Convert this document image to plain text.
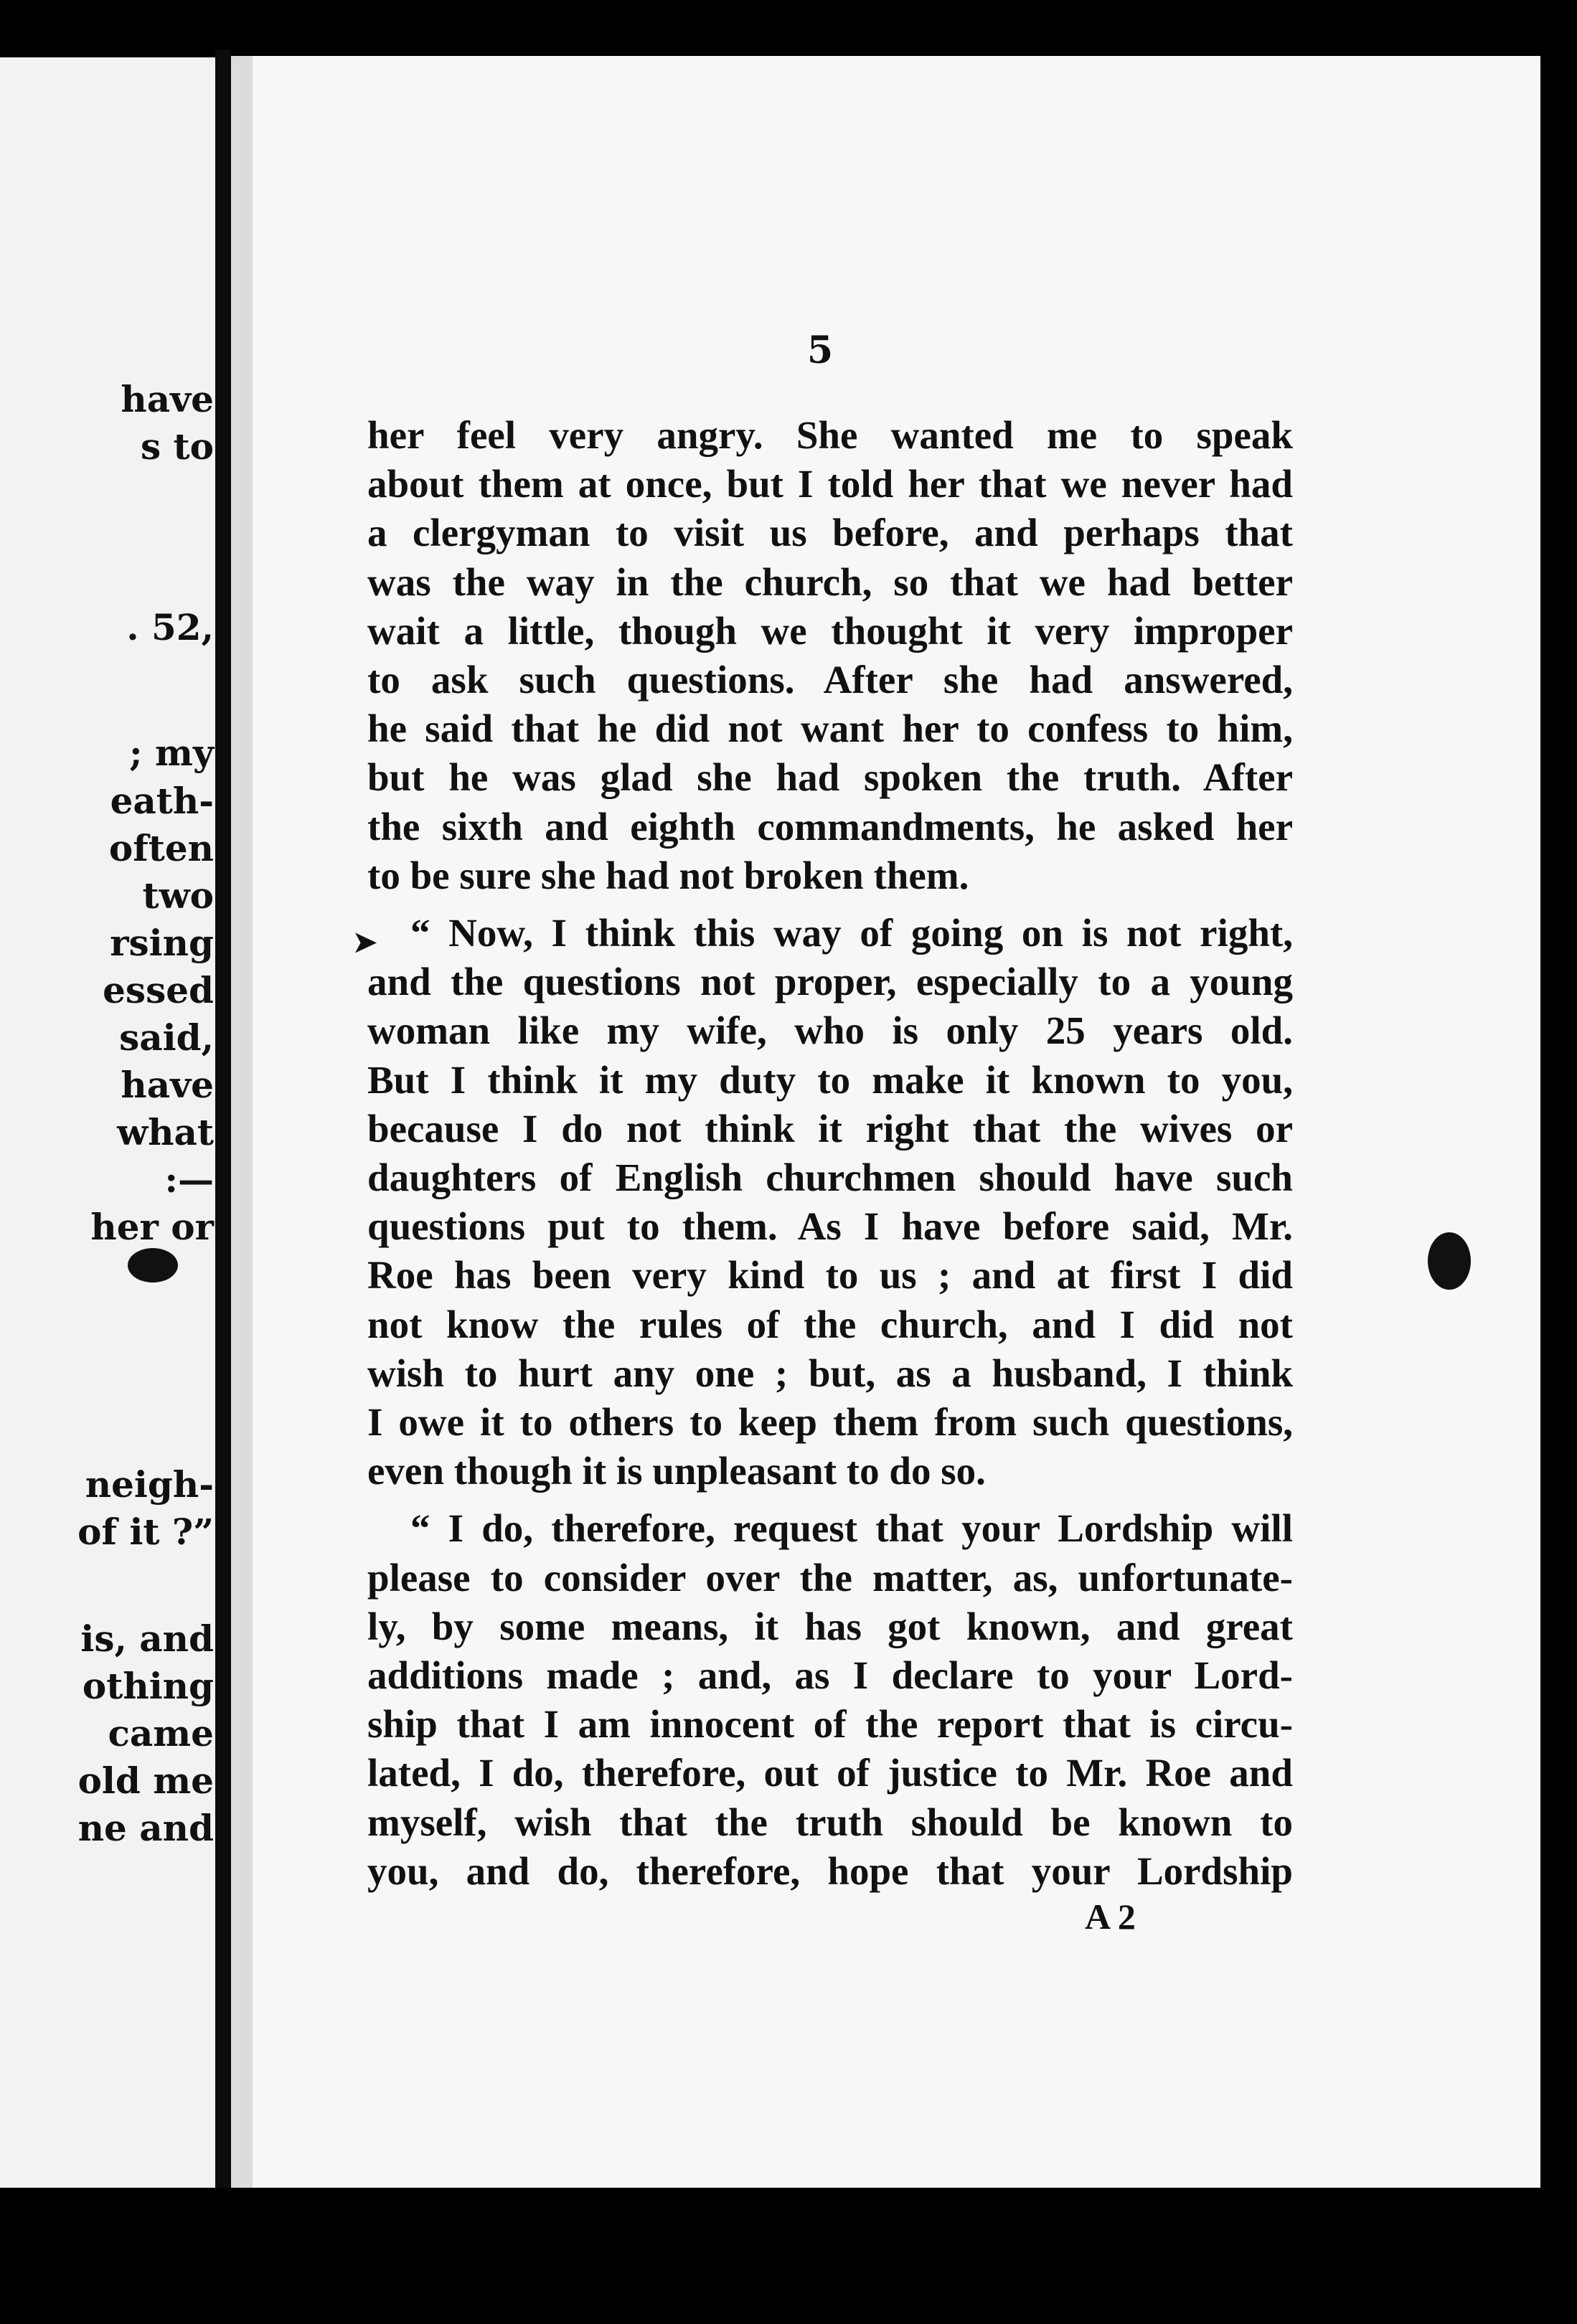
have
s to
. 52,
; my
eath-
often
two
rsing
essed
said,
have
what
:—
her or
neigh-
of it ?”
is, and
othing
came
old me
ne and
5
her feel very angry. She wanted me to speak
about them at once, but I told her that we never had
a clergyman to visit us before, and perhaps that
was the way in the church, so that we had better
wait a little, though we thought it very improper
to ask such questions. After she had answered,
he said that he did not want her to confess to him,
but he was glad she had spoken the truth. After
the sixth and eighth commandments, he asked her
to be sure she had not broken them.
“ Now, I think this way of going on is not right,
and the questions not proper, especially to a young
woman like my wife, who is only 25 years old.
But I think it my duty to make it known to you,
because I do not think it right that the wives or
daughters of English churchmen should have such
questions put to them. As I have before said, Mr.
Roe has been very kind to us ; and at first I did
not know the rules of the church, and I did not
wish to hurt any one ; but, as a husband, I think
I owe it to others to keep them from such questions,
even though it is unpleasant to do so.
“ I do, therefore, request that your Lordship will
please to consider over the matter, as, unfortunate-
ly, by some means, it has got known, and great
additions made ; and, as I declare to your Lord-
ship that I am innocent of the report that is circu-
lated, I do, therefore, out of justice to Mr. Roe and
myself, wish that the truth should be known to
you, and do, therefore, hope that your Lordship
A 2
➤
